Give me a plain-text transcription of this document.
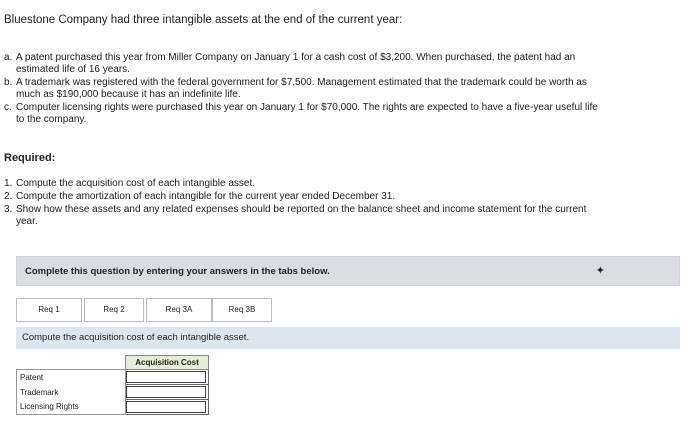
Bluestone Company had three intangible assets at the end of the current year:
a. A patent purchased this year from Miller Company on January 1 for a cash cost of $3,200. When purchased, the patent had an
estimated life of 16 years.
b. A trademark was registered with the federal government for $7,500. Management estimated that the trademark could be worth as
much as $190,000 because it has an indefinite life.
c. Computer licensing rights were purchased this year on January 1 for $70,000. The rights are expected to have a five-year useful life
to the company.
Required:
1. Compute the acquisition cost of each intangible asset.
2. Compute the amortization of each intangible for the current year ended December 31.
3. Show how these assets and any related expenses should be reported on the balance sheet and income statement for the current
year.
Complete this question by entering your answers in the tabs below.	✦
Req 1	Req 2	Req 3A	Req 3B
Compute the acquisition cost of each intangible asset.
	Acquisition Cost
Patent	

Trademark	

Licensing Rights	
